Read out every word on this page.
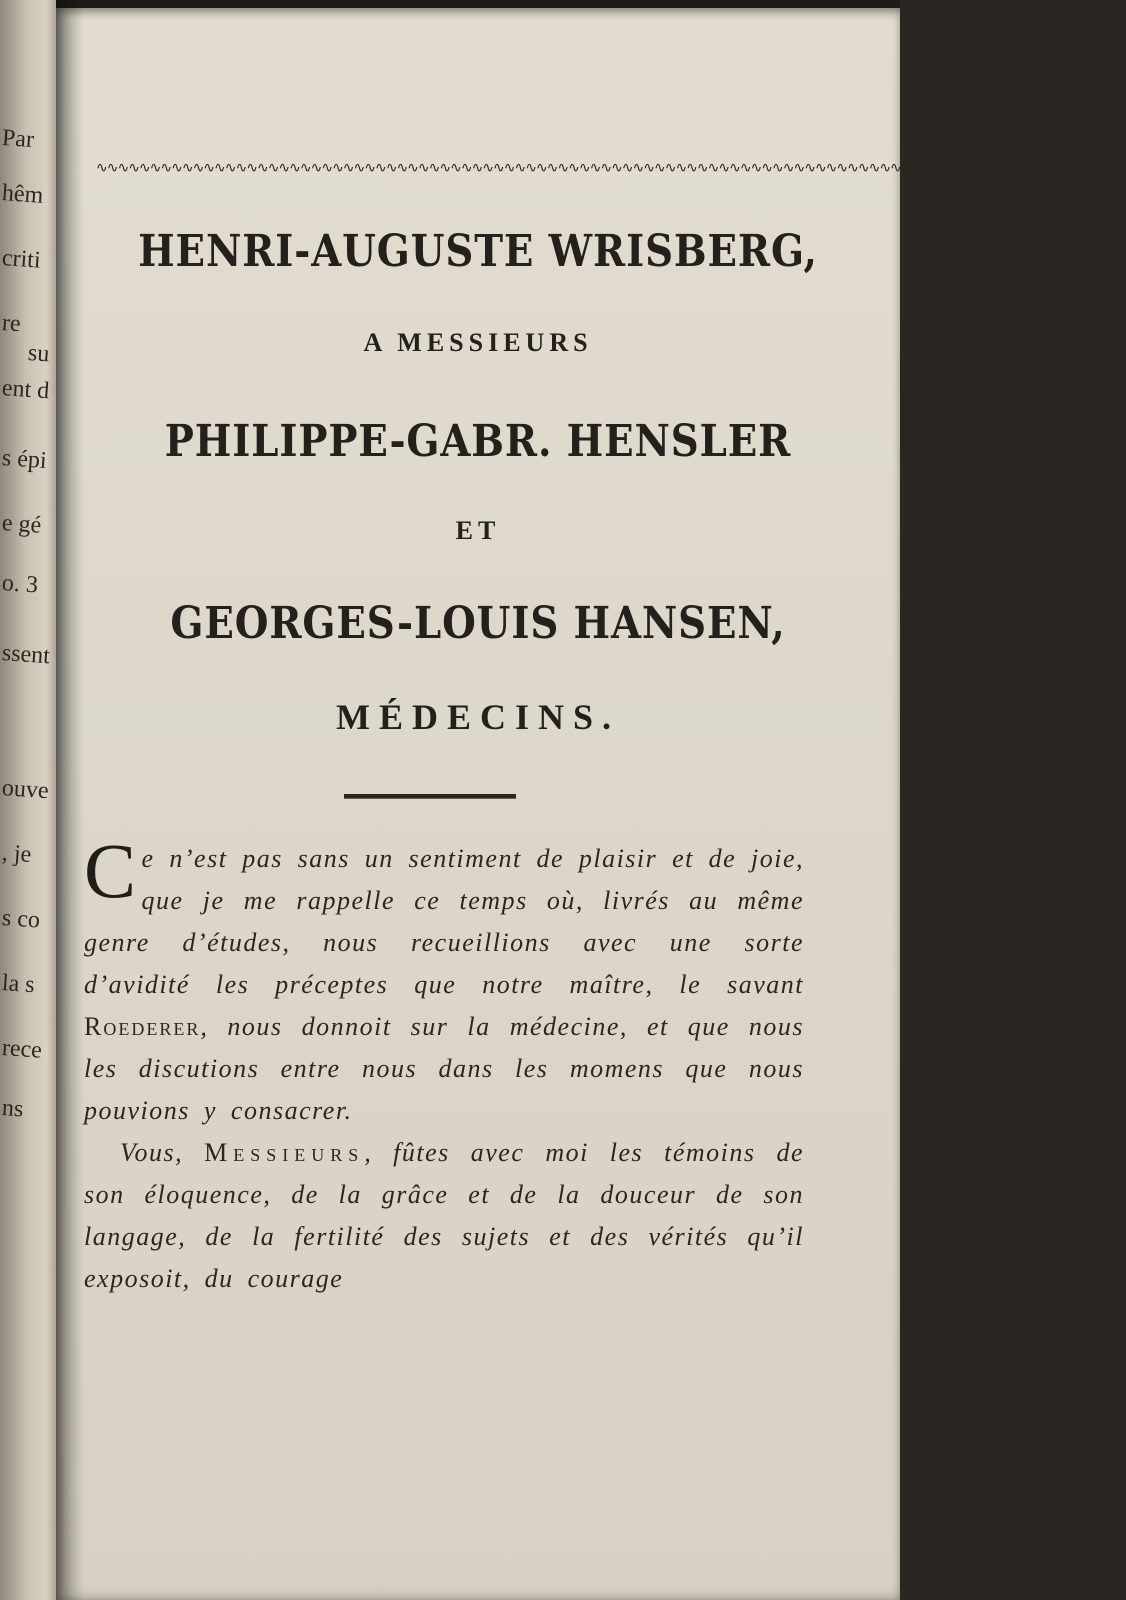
Par
hêm
criti
re
su
ent d
s épi
e gé
o. 3
ssent
ouve
, je
s co
la s
rece
ns
∿∿∿∿∿∿∿∿∿∿∿∿∿∿∿∿∿∿∿∿∿∿∿∿∿∿∿∿∿∿∿∿∿∿∿∿∿∿∿∿∿∿∿∿∿∿∿∿∿∿∿∿∿∿∿∿∿∿∿∿∿∿∿∿∿∿∿∿∿∿∿∿∿∿∿∿∿∿∿∿∿∿∿∿∿∿∿∿∿∿∿∿∿∿∿∿
HENRI-AUGUSTE WRISBERG,
A MESSIEURS
PHILIPPE-GABR. HENSLER
ET
GEORGES-LOUIS HANSEN,
MÉDECINS.

Ce n’est pas sans un sentiment de plaisir et de joie, que je me rappelle ce temps où, livrés au même genre d’études, nous recueillions avec une sorte d’avidité les préceptes que notre maître, le savant Roederer, nous donnoit sur la médecine, et que nous les discutions entre nous dans les momens que nous pouvions y consacrer.

Vous, Messieurs, fûtes avec moi les témoins de son éloquence, de la grâce et de la douceur de son langage, de la fertilité des sujets et des vérités qu’il exposoit, du courage
